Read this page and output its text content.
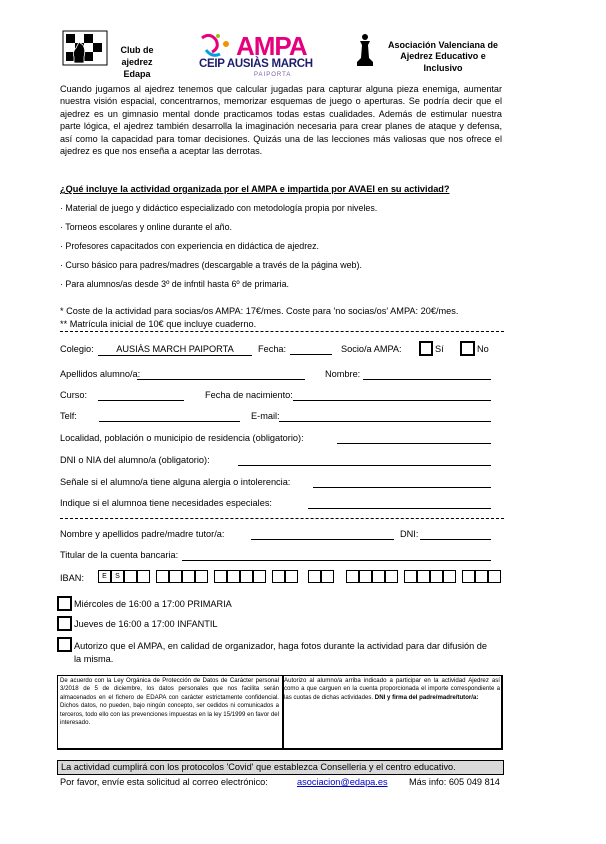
Club de ajedrez Edapa
AMPA
CEIP AUSIÀS MARCH
PAIPORTA
Asociación Valenciana de Ajedrez Educativo e Inclusivo
Cuando jugamos al ajedrez tenemos que calcular jugadas para capturar alguna pieza enemiga, aumentar nuestra visión espacial, concentrarnos, memorizar esquemas de juego o aperturas. Se podría decir que el ajedrez es un gimnasio mental donde practicamos todas estas cualidades. Además de estimular nuestra parte lógica, el ajedrez también desarrolla la imaginación necesaria para crear planes de ataque y defensa, así como la capacidad para tomar decisiones. Quizás una de las lecciones más valiosas que nos ofrece el ajedrez es que nos enseña a aceptar las derrotas.
¿Qué incluye la actividad organizada por el AMPA e impartida por AVAEI en su actividad?
· Material de juego y didáctico especializado con metodología propia por niveles.
· Torneos escolares y online durante el año.
· Profesores capacitados con experiencia en didáctica de ajedrez.
· Curso básico para padres/madres (descargable a través de la página web).
· Para alumnos/as desde 3º de infntil hasta 6º de primaria.
* Coste de la actividad para socias/os AMPA: 17€/mes. Coste para 'no socias/os' AMPA: 20€/mes.
** Matrícula inicial de 10€ que incluye cuaderno.
Colegio:	AUSIÀS MARCH PAIPORTA	Fecha:	Socio/a AMPA:	Sí	No
Apellidos alumno/a:	Nombre:
Curso:	Fecha de nacimiento:
Telf:	E-mail:
Localidad, población o municipio de residencia (obligatorio):
DNI o NIA del alumno/a (obligatorio):
Señale si el alumno/a tiene alguna alergia o intolerencia:
Indique si el alumnoa tiene necesidades especiales:
Nombre y apellidos padre/madre tutor/a:	DNI:
Titular de la cuenta bancaria:
IBAN:	E	S
Miércoles de 16:00 a 17:00 PRIMARIA
Jueves de 16:00 a 17:00 INFANTIL
Autorizo que el AMPA, en calidad de organizador, haga fotos durante la actividad para dar difusión de la misma.
De acuerdo con la Ley Orgánica de Protección de Datos de Carácter personal 3/2018 de 5 de diciembre, los datos personales que nos facilita serán almacenados en el fichero de EDAPA con carácter estrictamente confidencial. Dichos datos, no pueden, bajo ningún concepto, ser cedidos ni comunicados a terceros, todo ello con las prevenciones impuestas en la ley 15/1999 en favor del interesado.
Autorizo al alumno/a arriba indicado a participar en la actividad Ajedrez así como a que carguen en la cuenta proporcionada el importe correspondiente a las cuotas de dichas actividades. DNI y firma del padre/madre/tutor/a:
La actividad cumplirá con los protocolos 'Covid' que establezca Conselleria y el centro educativo.
Por favor, envíe esta solicitud al correo electrónico:	asociacion@edapa.es Más info: 605 049 814
